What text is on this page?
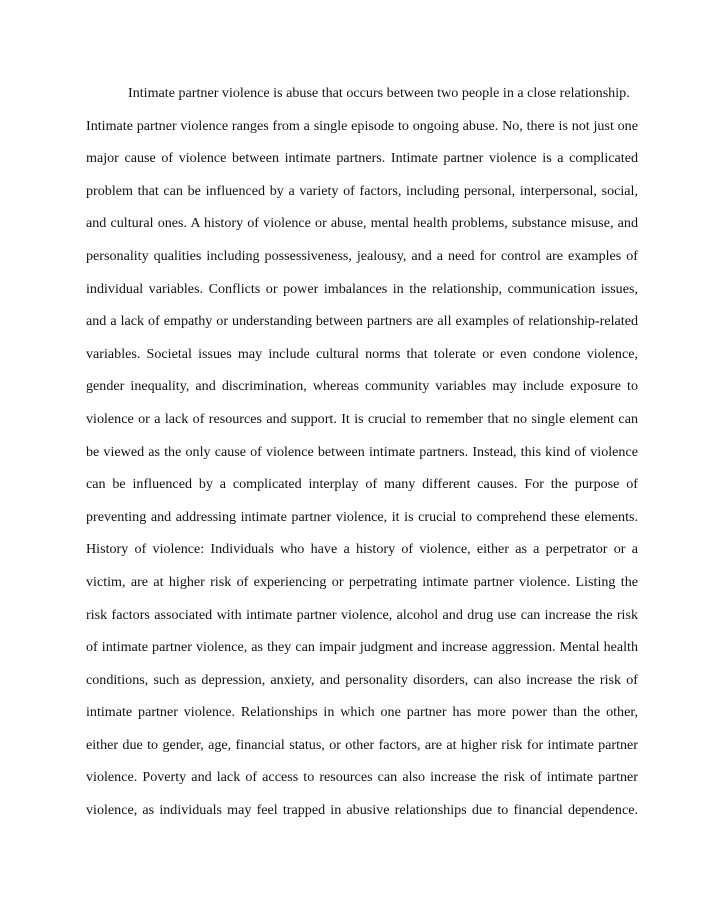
Intimate partner violence is abuse that occurs between two people in a close relationship.
Intimate partner violence ranges from a single episode to ongoing abuse. No, there is not just one
major cause of violence between intimate partners. Intimate partner violence is a complicated
problem that can be influenced by a variety of factors, including personal, interpersonal, social,
and cultural ones. A history of violence or abuse, mental health problems, substance misuse, and
personality qualities including possessiveness, jealousy, and a need for control are examples of
individual variables. Conflicts or power imbalances in the relationship, communication issues,
and a lack of empathy or understanding between partners are all examples of relationship-related
variables. Societal issues may include cultural norms that tolerate or even condone violence,
gender inequality, and discrimination, whereas community variables may include exposure to
violence or a lack of resources and support. It is crucial to remember that no single element can
be viewed as the only cause of violence between intimate partners. Instead, this kind of violence
can be influenced by a complicated interplay of many different causes. For the purpose of
preventing and addressing intimate partner violence, it is crucial to comprehend these elements.
History of violence: Individuals who have a history of violence, either as a perpetrator or a
victim, are at higher risk of experiencing or perpetrating intimate partner violence. Listing the
risk factors associated with intimate partner violence, alcohol and drug use can increase the risk
of intimate partner violence, as they can impair judgment and increase aggression. Mental health
conditions, such as depression, anxiety, and personality disorders, can also increase the risk of
intimate partner violence. Relationships in which one partner has more power than the other,
either due to gender, age, financial status, or other factors, are at higher risk for intimate partner
violence. Poverty and lack of access to resources can also increase the risk of intimate partner
violence, as individuals may feel trapped in abusive relationships due to financial dependence.
